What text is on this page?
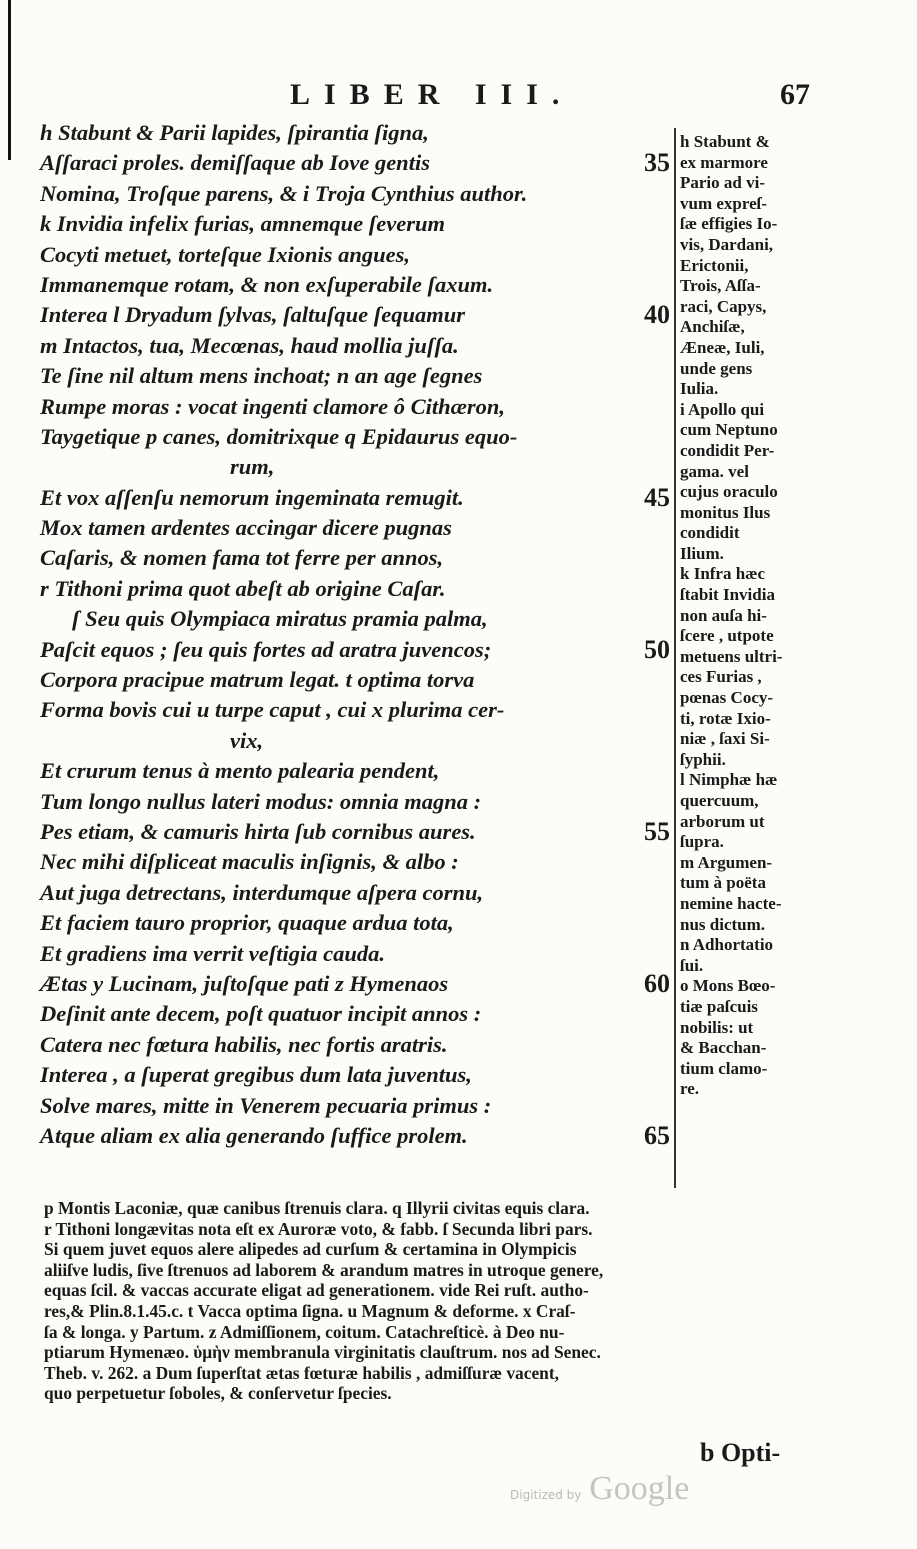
LIBER III.	67
h Stabunt & Parii lapides, ſpirantia ſigna,
Aſſaraci proles. demiſſaque ab Iove gentis	35
Nomina, Troſque parens, & i Troja Cynthius author.
k Invidia infelix furias, amnemque ſeverum
Cocyti metuet, torteſque Ixionis angues,
Immanemque rotam, & non exſuperabile ſaxum.
Interea l Dryadum ſylvas, ſaltuſque ſequamur	40
m Intactos, tua, Mecœnas, haud mollia juſſa.
Te ſine nil altum mens inchoat; n an age ſegnes
Rumpe moras : vocat ingenti clamore ô Cithæron,
Taygetique p canes, domitrixque q Epidaurus equo-
rum,
Et vox aſſenſu nemorum ingeminata remugit.	45
Mox tamen ardentes accingar dicere pugnas
Caſaris, & nomen fama tot ferre per annos,
r Tithoni prima quot abeſt ab origine Caſar.
ſ Seu quis Olympiaca miratus pramia palma,
Paſcit equos ; ſeu quis fortes ad aratra juvencos;	50
Corpora pracipue matrum legat. t optima torva
Forma bovis cui u turpe caput , cui x plurima cer-
vix,
Et crurum tenus à mento palearia pendent,
Tum longo nullus lateri modus: omnia magna :
Pes etiam, & camuris hirta ſub cornibus aures.	55
Nec mihi diſpliceat maculis inſignis, & albo :
Aut juga detrectans, interdumque aſpera cornu,
Et faciem tauro proprior, quaque ardua tota,
Et gradiens ima verrit veſtigia cauda.
Ætas y Lucinam, juſtoſque pati z Hymenaos	60
Deſinit ante decem, poſt quatuor incipit annos :
Catera nec fœtura habilis, nec fortis aratris.
Interea , a ſuperat gregibus dum lata juventus,
Solve mares, mitte in Venerem pecuaria primus :
Atque aliam ex alia generando ſuffice prolem.	65
h Stabunt &
ex marmore
Pario ad vi-
vum expreſ-
ſæ effigies Io-
vis, Dardani,
Erictonii,
Trois, Aſſa-
raci, Capys,
Anchiſæ,
Æneæ, Iuli,
unde gens
Iulia.
i Apollo qui
cum Neptuno
condidit Per-
gama. vel
cujus oraculo
monitus Ilus
condidit
Ilium.
k Infra hæc
ſtabit Invidia
non auſa hi-
ſcere , utpote
metuens ultri-
ces Furias ,
pœnas Cocy-
ti, rotæ Ixio-
niæ , ſaxi Si-
ſyphii.
l Nimphæ hæ
quercuum,
arborum ut
ſupra.
m Argumen-
tum à poëta
nemine hacte-
nus dictum.
n Adhortatio
ſui.
o Mons Bœo-
tiæ paſcuis
nobilis: ut
& Bacchan-
tium clamo-
re.
p Montis Laconiæ, quæ canibus ſtrenuis clara. q Illyrii civitas equis clara.
r Tithoni longævitas nota eſt ex Auroræ voto, & fabb. ſ Secunda libri pars.
Si quem juvet equos alere alipedes ad curſum & certamina in Olympicis
aliiſve ludis, ſive ſtrenuos ad laborem & arandum matres in utroque genere,
equas ſcil. & vaccas accurate eligat ad generationem. vide Rei ruſt. autho-
res,& Plin.8.1.45.c. t Vacca optima ſigna. u Magnum & deforme. x Craſ-
ſa & longa. y Partum. z Admiſſionem, coitum. Catachreſticè. à Deo nu-
ptiarum Hymenæo. ὑμὴν membranula virginitatis clauſtrum. nos ad Senec.
Theb. v. 262. a Dum ſuperſtat ætas fœturæ habilis , admiſſuræ vacent,
quo perpetuetur ſoboles, & conſervetur ſpecies.
b Opti-
Digitized by Google
